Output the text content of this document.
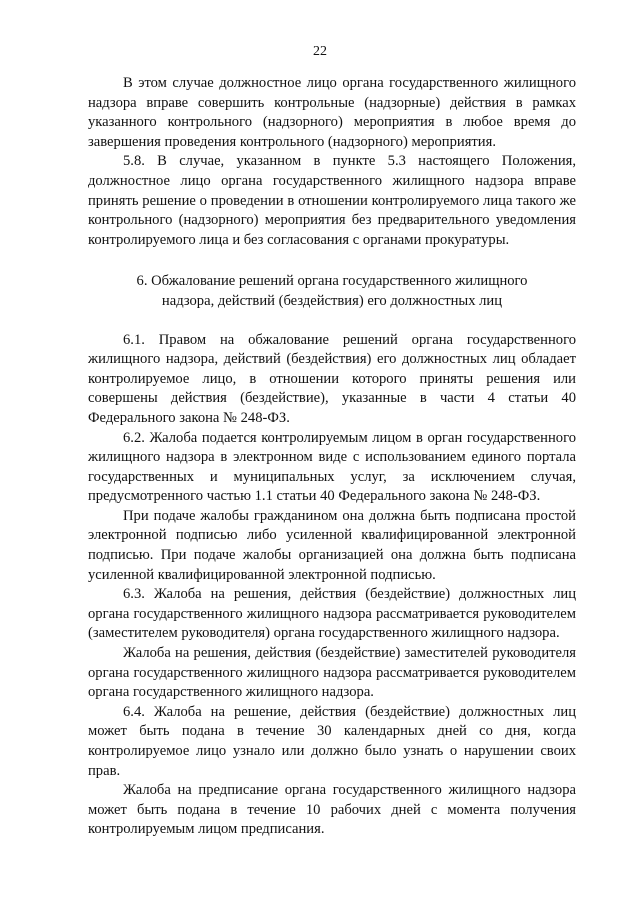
22

В этом случае должностное лицо органа государственного жилищного надзора вправе совершить контрольные (надзорные) действия в рамках указанного контрольного (надзорного) мероприятия в любое время до завершения проведения контрольного (надзорного) мероприятия.

5.8. В случае, указанном в пункте 5.3 настоящего Положения, должностное лицо органа государственного жилищного надзора вправе принять решение о проведении в отношении контролируемого лица такого же контрольного (надзорного) мероприятия без предварительного уведомления контролируемого лица и без согласования с органами прокуратуры.

6. Обжалование решений органа государственного жилищного
надзора, действий (бездействия) его должностных лиц

6.1. Правом на обжалование решений органа государственного жилищного надзора, действий (бездействия) его должностных лиц обладает контролируемое лицо, в отношении которого приняты решения или совершены действия (бездействие), указанные в части 4 статьи 40 Федерального закона № 248-ФЗ.

6.2. Жалоба подается контролируемым лицом в орган государственного жилищного надзора в электронном виде с использованием единого портала государственных и муниципальных услуг, за исключением случая, предусмотренного частью 1.1 статьи 40 Федерального закона № 248-ФЗ.

При подаче жалобы гражданином она должна быть подписана простой электронной подписью либо усиленной квалифицированной электронной подписью. При подаче жалобы организацией она должна быть подписана усиленной квалифицированной электронной подписью.

6.3. Жалоба на решения, действия (бездействие) должностных лиц органа государственного жилищного надзора рассматривается руководителем (заместителем руководителя) органа государственного жилищного надзора.

Жалоба на решения, действия (бездействие) заместителей руководителя органа государственного жилищного надзора рассматривается руководителем органа государственного жилищного надзора.

6.4. Жалоба на решение, действия (бездействие) должностных лиц может быть подана в течение 30 календарных дней со дня, когда контролируемое лицо узнало или должно было узнать о нарушении своих прав.

Жалоба на предписание органа государственного жилищного надзора может быть подана в течение 10 рабочих дней с момента получения контролируемым лицом предписания.
